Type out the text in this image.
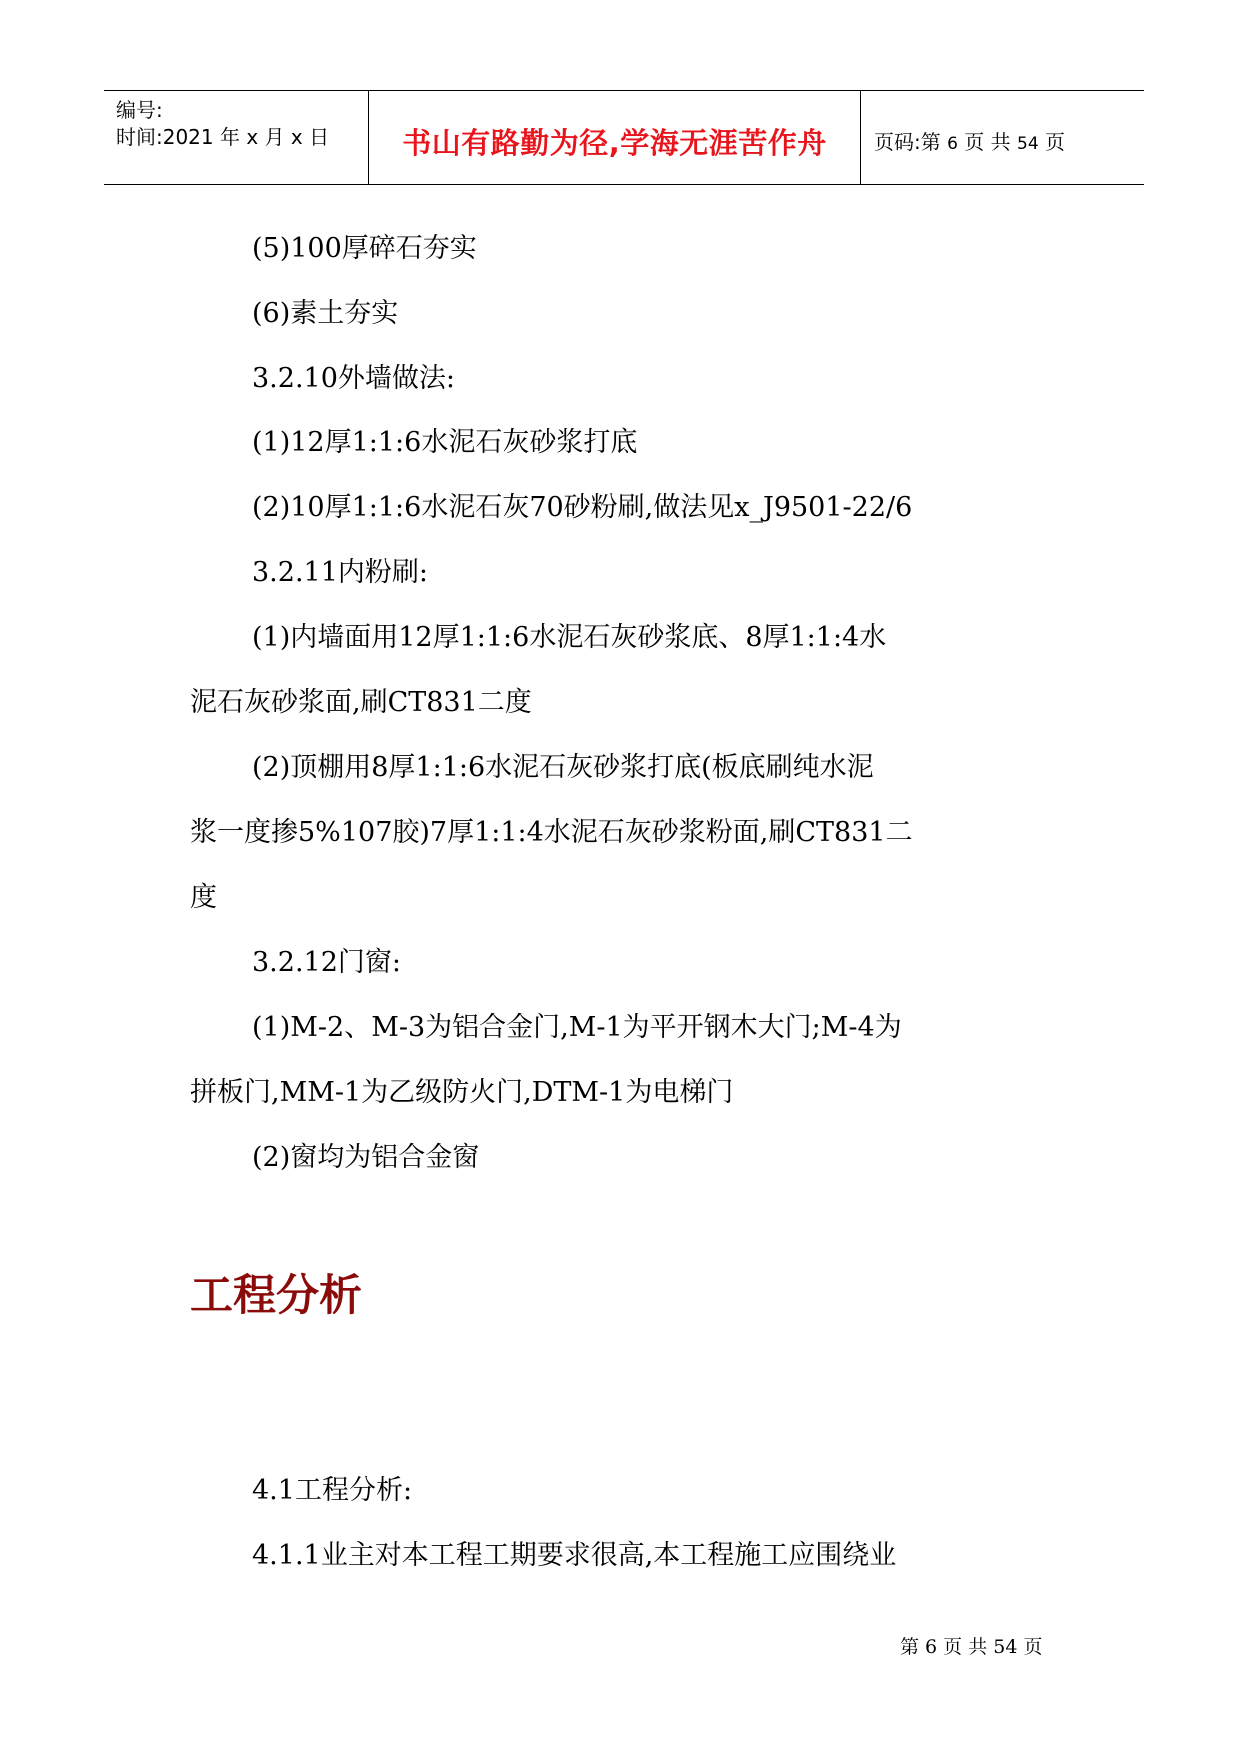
编号:
时间:2021 年 x 月 x 日	书山有路勤为径,学海无涯苦作舟	页码:第 6 页 共 54 页
(5)100厚碎石夯实
(6)素土夯实
3.2.10外墙做法:
(1)12厚1:1:6水泥石灰砂浆打底
(2)10厚1:1:6水泥石灰70砂粉刷,做法见x_J9501-22/6
3.2.11内粉刷:
(1)内墙面用12厚1:1:6水泥石灰砂浆底、8厚1:1:4水
泥石灰砂浆面,刷CT831二度
(2)顶棚用8厚1:1:6水泥石灰砂浆打底(板底刷纯水泥
浆一度掺5%107胶)7厚1:1:4水泥石灰砂浆粉面,刷CT831二
度
3.2.12门窗:
(1)M-2、M-3为铝合金门,M-1为平开钢木大门;M-4为
拼板门,MM-1为乙级防火门,DTM-1为电梯门
(2)窗均为铝合金窗
4.1工程分析:
4.1.1业主对本工程工期要求很高,本工程施工应围绕业
工程分析
第 6 页 共 54 页
